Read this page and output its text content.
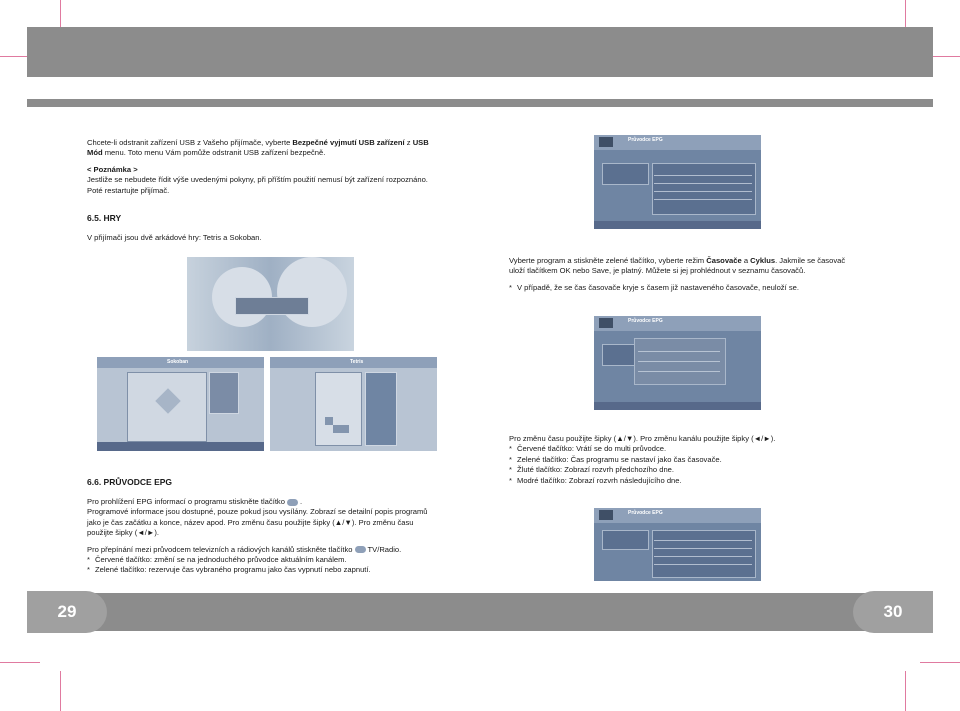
29	30

Chcete-li odstranit zařízení USB z Vašeho přijímače, vyberte Bezpečné vyjmutí USB zařízení z USB

Mód menu. Toto menu Vám pomůže odstranit USB zařízení bezpečně.

< Poznámka >

Jestliže se nebudete řídit výše uvedenými pokyny, při příštím použití nemusí být zařízení rozpoznáno.

Poté restartujte přijímač.

6.5. HRY
V přijímači jsou dvě arkádové hry: Tetris a Sokoban.
Sokoban	Tetris
6.6. PRŮVODCE EPG

Pro prohlížení EPG informací o programu stiskněte tlačítko .

Programové informace jsou dostupné, pouze pokud jsou vysílány. Zobrazí se detailní popis programů

jako je čas začátku a konce, název apod. Pro změnu času použijte šipky (▲/▼). Pro změnu času

použijte šipky (◄/►).

Pro přepínání mezi průvodcem televizních a rádiových kanálů stiskněte tlačítko TV/Radio.

* Červené tlačítko: změní se na jednoduchého průvodce aktuálním kanálem.

* Zelené tlačítko: rezervuje čas vybraného programu jako čas vypnutí nebo zapnutí.

Průvodce EPG

Vyberte program a stiskněte zelené tlačítko, vyberte režim Časovače a Cyklus. Jakmile se časovač

uloží tlačítkem OK nebo Save, je platný. Můžete si jej prohlédnout v seznamu časovačů.

* V případě, že se čas časovače kryje s časem již nastaveného časovače, neuloží se.

Průvodce EPG

Pro změnu času použijte šipky (▲/▼). Pro změnu kanálu použijte šipky (◄/►).

* Červené tlačítko: Vrátí se do multi průvodce.

* Zelené tlačítko: Čas programu se nastaví jako čas časovače.

* Žluté tlačítko: Zobrazí rozvrh předchozího dne.

* Modré tlačítko: Zobrazí rozvrh následujícího dne.

Průvodce EPG
